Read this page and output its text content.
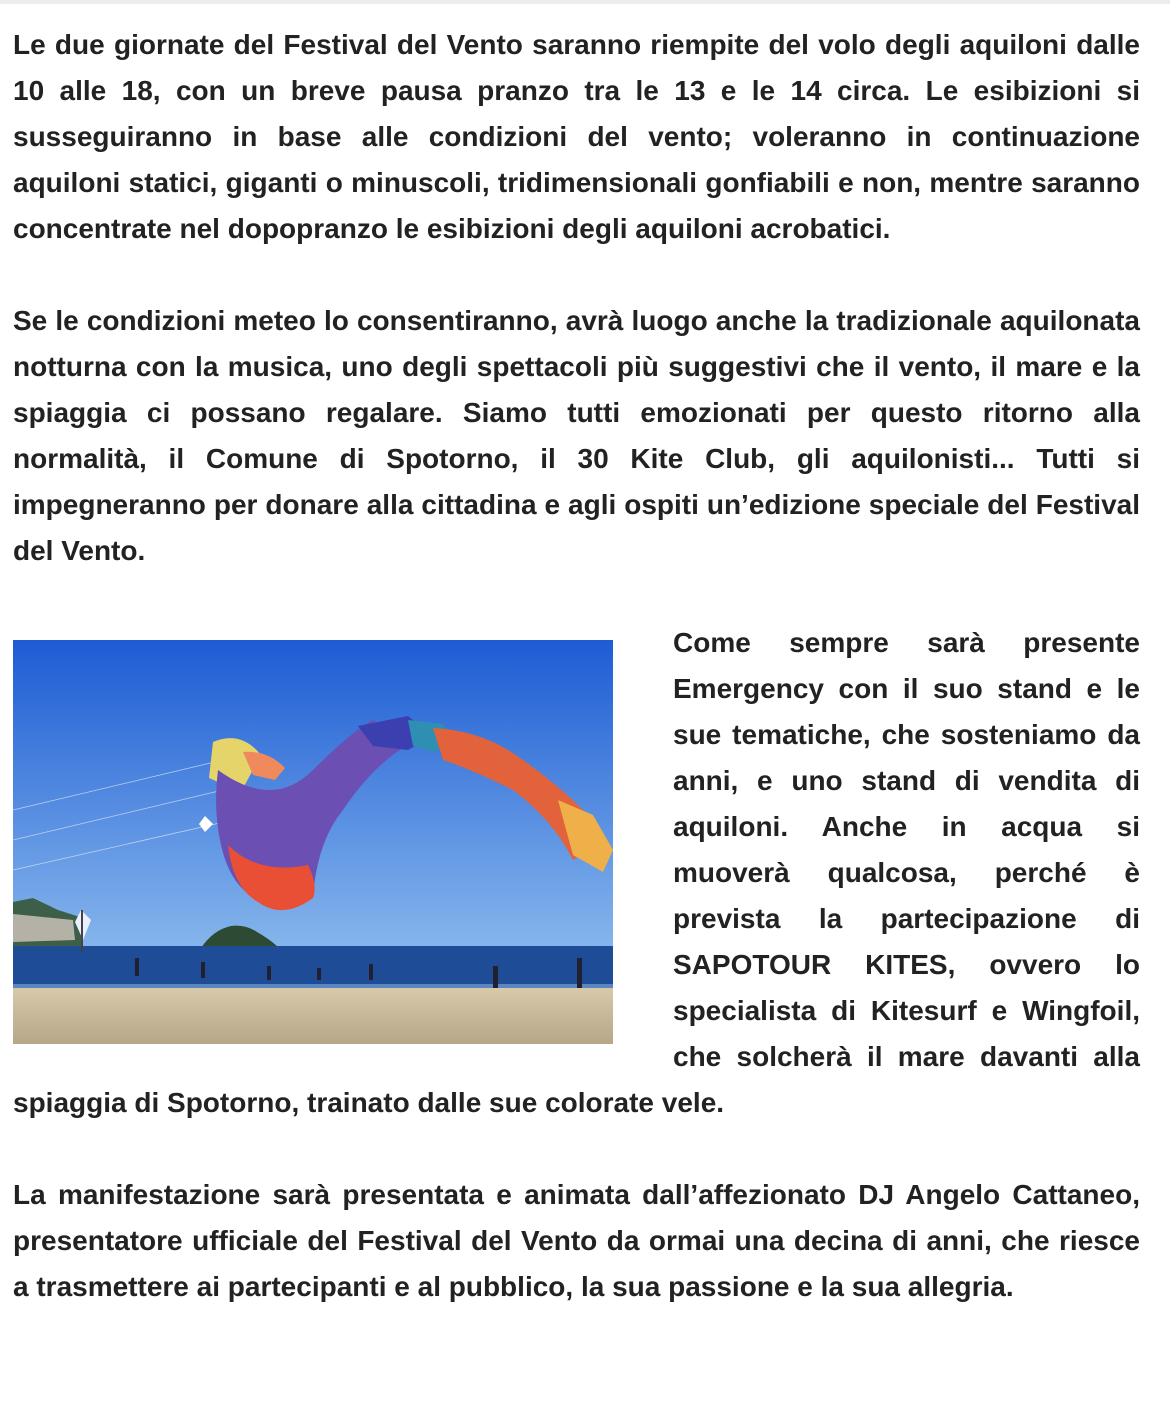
Le due giornate del Festival del Vento saranno riempite del volo degli aquiloni dalle 10 alle 18, con un breve pausa pranzo tra le 13 e le 14 circa. Le esibizioni si susseguiranno in base alle condizioni del vento; voleranno in continuazione aquiloni statici, giganti o minuscoli, tridimensionali gonfiabili e non, mentre saranno concentrate nel dopopranzo le esibizioni degli aquiloni acrobatici.

Se le condizioni meteo lo consentiranno, avrà luogo anche la tradizionale aquilonata notturna con la musica, uno degli spettacoli più suggestivi che il vento, il mare e la spiaggia ci possano regalare. Siamo tutti emozionati per questo ritorno alla normalità, il Comune di Spotorno, il 30 Kite Club, gli aquilonisti... Tutti si impegneranno per donare alla cittadina e agli ospiti un’edizione speciale del Festival del Vento.

Come sempre sarà presente Emergency con il suo stand e le sue tematiche, che sosteniamo da anni, e uno stand di vendita di aquiloni. Anche in acqua si muoverà qualcosa, perché è prevista la partecipazione di SAPOTOUR KITES, ovvero lo specialista di Kitesurf e Wingfoil, che solcherà il mare davanti alla spiaggia di Spotorno, trainato dalle sue colorate vele.

La manifestazione sarà presentata e animata dall’affezionato DJ Angelo Cattaneo, presentatore ufficiale del Festival del Vento da ormai una decina di anni, che riesce a trasmettere ai partecipanti e al pubblico, la sua passione e la sua allegria.
